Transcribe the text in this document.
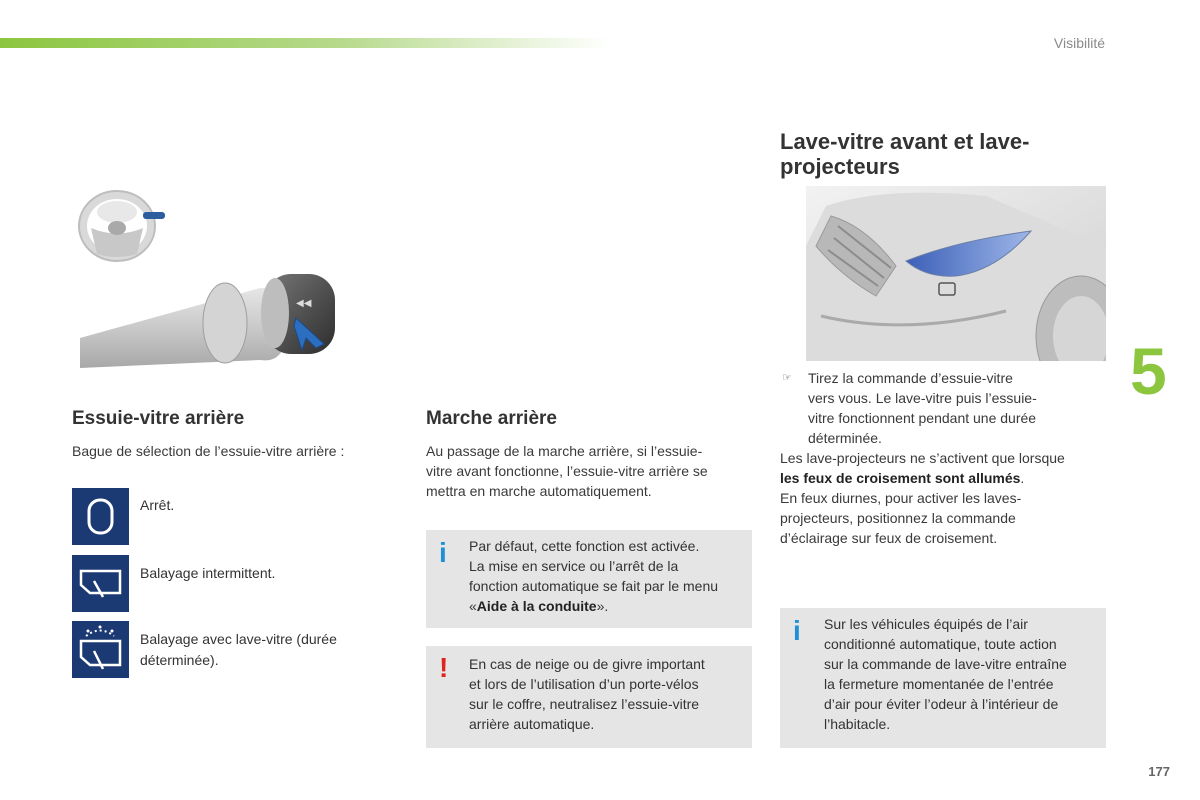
Visibilité
5
177
◀◀
Essuie-vitre arrière

Bague de sélection de l’essuie-vitre arrière :

Arrêt.
Balayage intermittent.
Balayage avec lave-vitre (durée
déterminée).
Marche arrière

Au passage de la marche arrière, si l’essuie-

vitre avant fonctionne, l’essuie-vitre arrière se

mettra en marche automatiquement.

i Par défaut, cette fonction est activée.
La mise en service ou l’arrêt de la
fonction automatique se fait par le menu
«Aide à la conduite».

! En cas de neige ou de givre important
et lors de l’utilisation d’un porte-vélos
sur le coffre, neutralisez l’essuie-vitre
arrière automatique.

Lave-vitre avant et lave-
projecteurs
☞ Tirez la commande d’essuie-vitre

vers vous. Le lave-vitre puis l’essuie-

vitre fonctionnent pendant une durée

déterminée.

Les lave-projecteurs ne s’activent que lorsque

les feux de croisement sont allumés.

En feux diurnes, pour activer les laves-

projecteurs, positionnez la commande

d’éclairage sur feux de croisement.

i Sur les véhicules équipés de l’air
conditionné automatique, toute action
sur la commande de lave-vitre entraîne
la fermeture momentanée de l’entrée
d’air pour éviter l’odeur à l’intérieur de
l’habitacle.
